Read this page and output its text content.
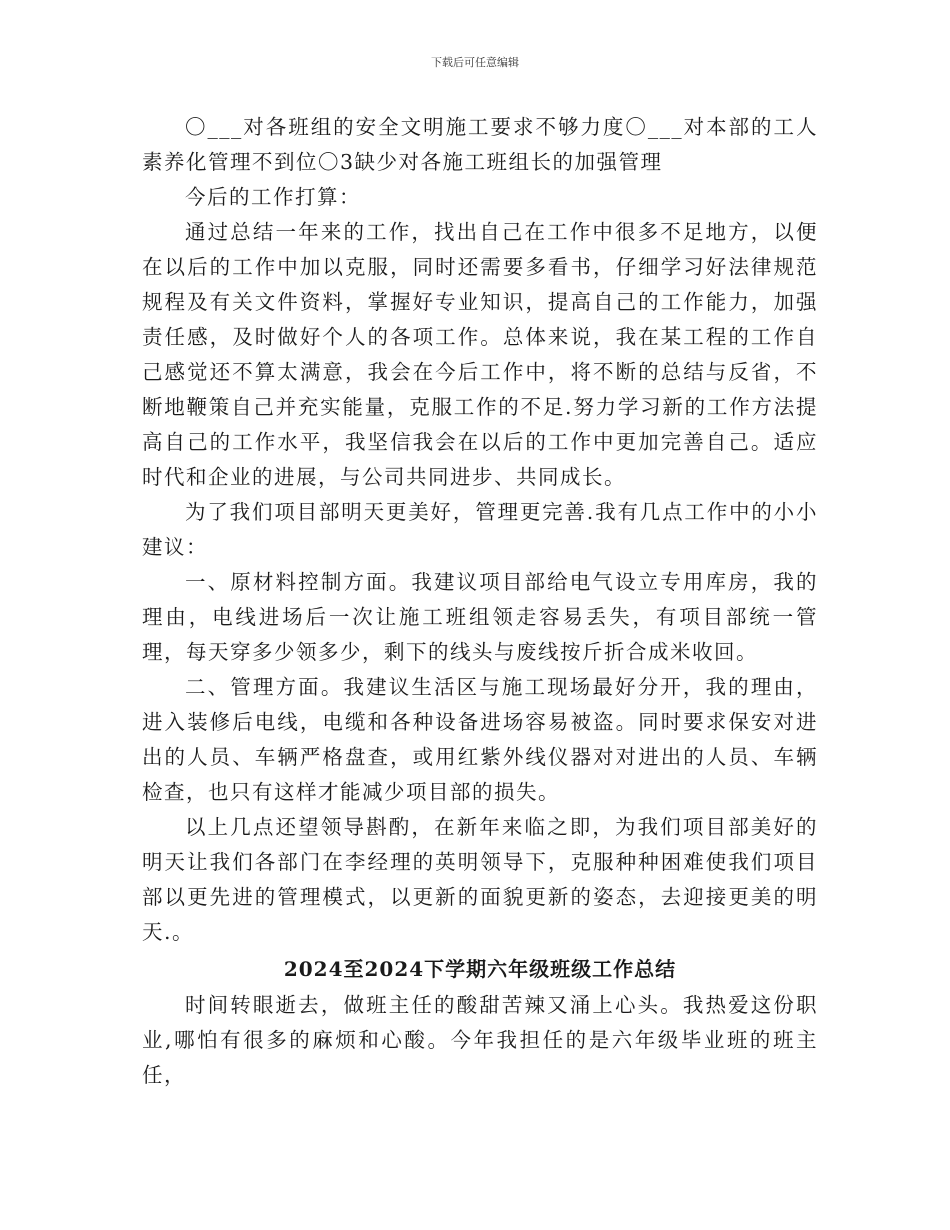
下载后可任意编辑

〇___对各班组的安全文明施工要求不够力度〇___对本部的工人素养化管理不到位〇3缺少对各施工班组长的加强管理

今后的工作打算：

通过总结一年来的工作，找出自己在工作中很多不足地方，以便在以后的工作中加以克服，同时还需要多看书，仔细学习好法律规范规程及有关文件资料，掌握好专业知识，提高自己的工作能力，加强责任感，及时做好个人的各项工作。总体来说，我在某工程的工作自己感觉还不算太满意，我会在今后工作中，将不断的总结与反省，不断地鞭策自己并充实能量，克服工作的不足.努力学习新的工作方法提高自己的工作水平，我坚信我会在以后的工作中更加完善自己。适应时代和企业的进展，与公司共同进步、共同成长。

为了我们项目部明天更美好，管理更完善.我有几点工作中的小小建议：

一、原材料控制方面。我建议项目部给电气设立专用库房，我的理由，电线进场后一次让施工班组领走容易丢失，有项目部统一管理，每天穿多少领多少，剩下的线头与废线按斤折合成米收回。

二、管理方面。我建议生活区与施工现场最好分开，我的理由，进入装修后电线，电缆和各种设备进场容易被盗。同时要求保安对进出的人员、车辆严格盘查，或用红紫外线仪器对对进出的人员、车辆检查，也只有这样才能减少项目部的损失。

以上几点还望领导斟酌，在新年来临之即，为我们项目部美好的明天让我们各部门在李经理的英明领导下，克服种种困难使我们项目部以更先进的管理模式，以更新的面貌更新的姿态，去迎接更美的明天.。

2024至2024下学期六年级班级工作总结

时间转眼逝去，做班主任的酸甜苦辣又涌上心头。我热爱这份职业,哪怕有很多的麻烦和心酸。今年我担任的是六年级毕业班的班主任，
